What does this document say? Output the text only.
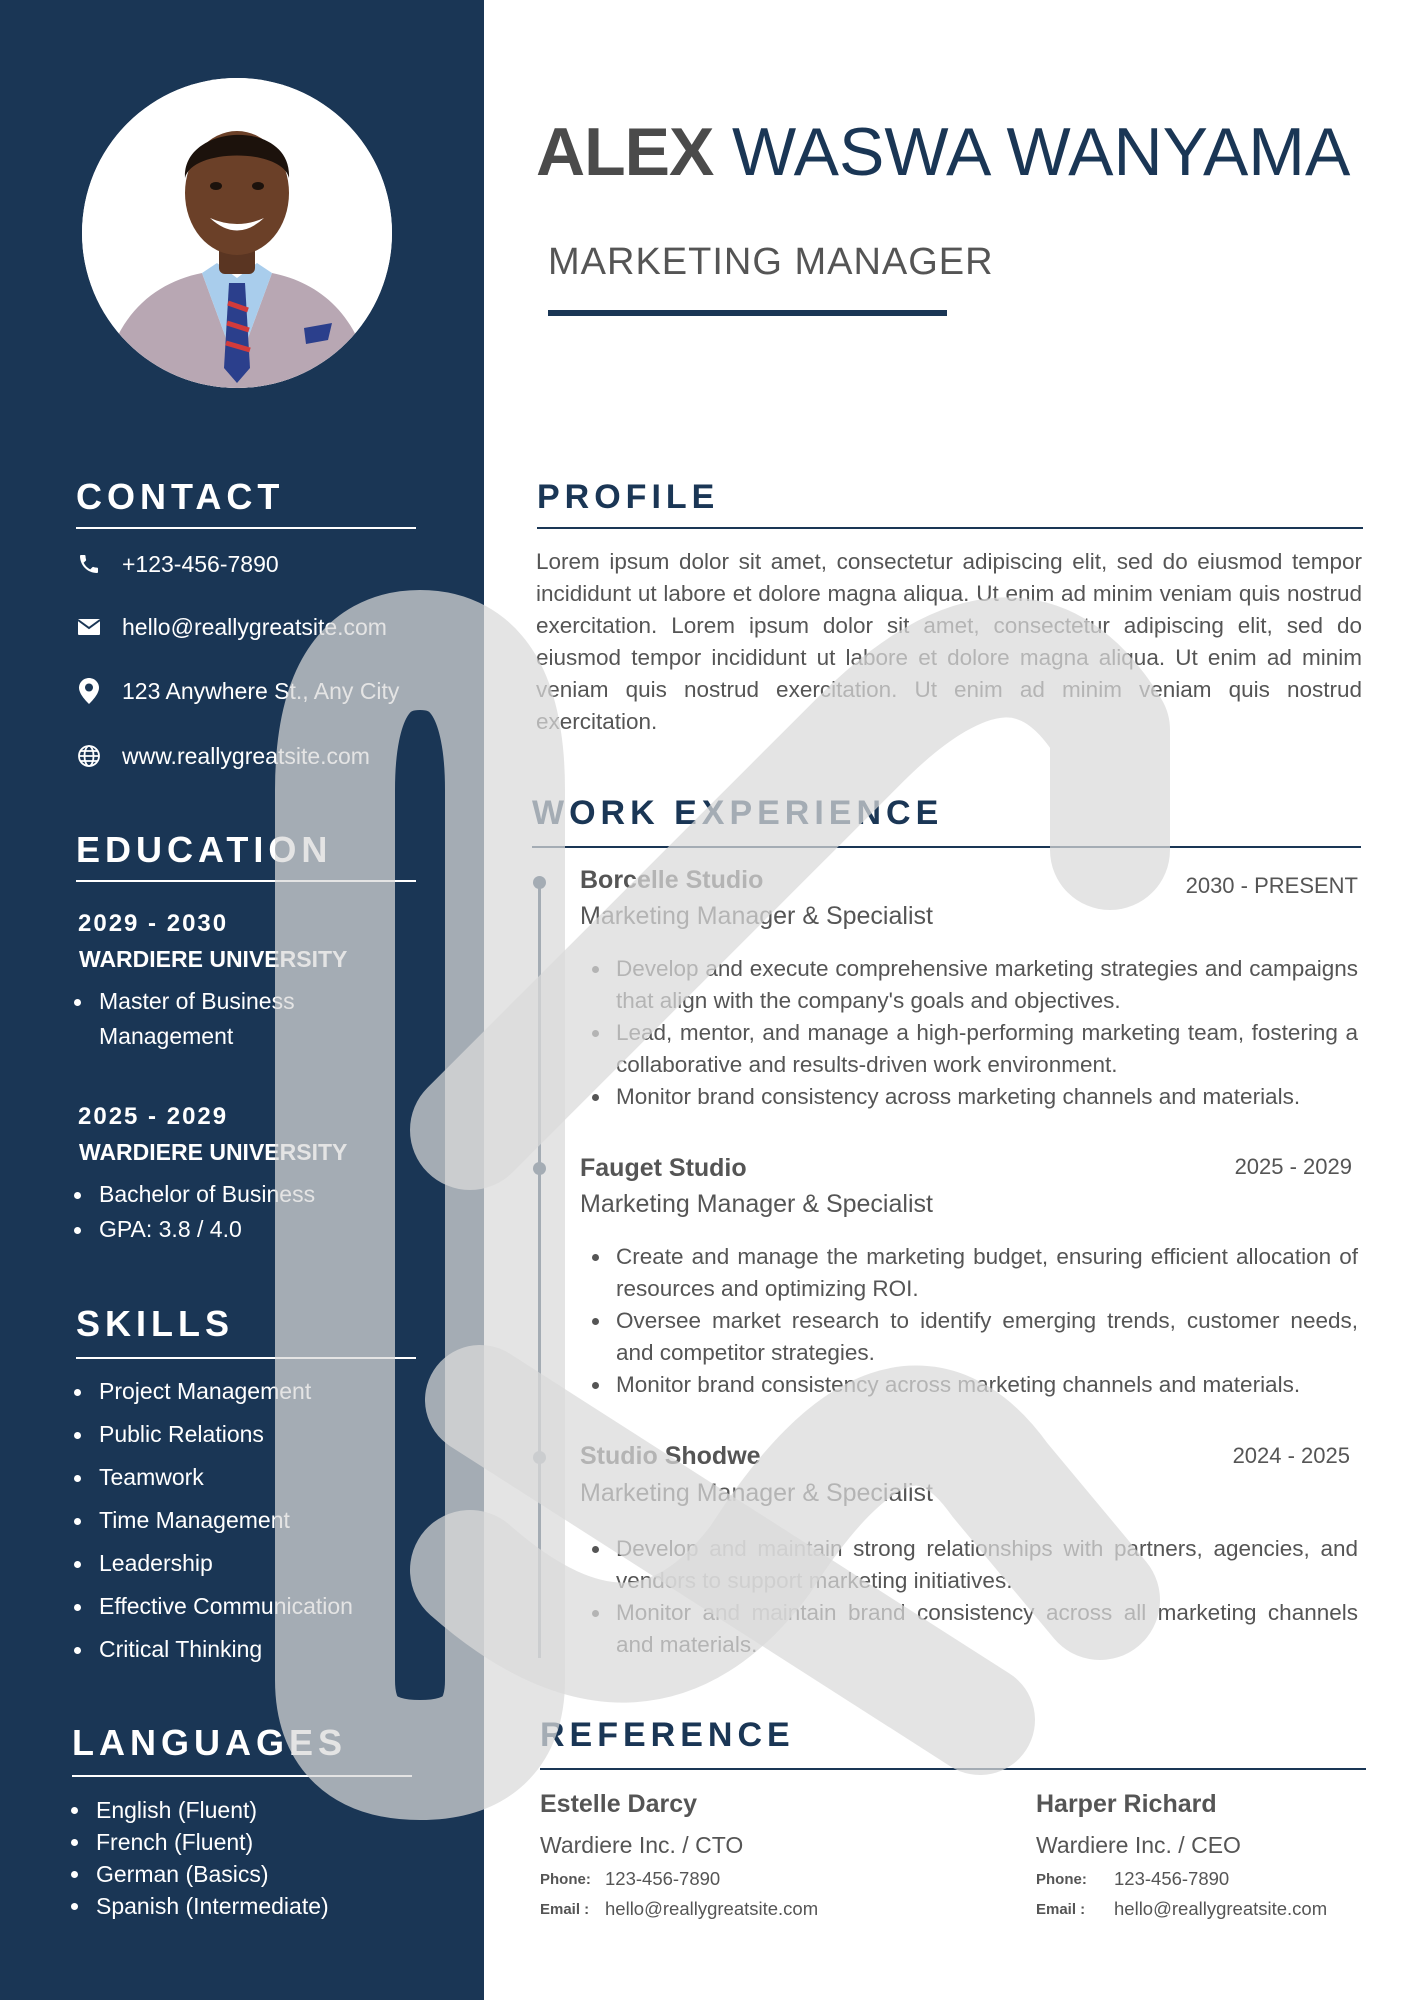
CONTACT
+123-456-7890
hello@reallygreatsite.com
123 Anywhere St., Any City
www.reallygreatsite.com
EDUCATION
2029 - 2030
WARDIERE UNIVERSITY
Master of Business Management
2025 - 2029
WARDIERE UNIVERSITY
Bachelor of Business
GPA: 3.8 / 4.0
SKILLS
Project Management
Public Relations
Teamwork
Time Management
Leadership
Effective Communication
Critical Thinking
LANGUAGES
English (Fluent)
French (Fluent)
German (Basics)
Spanish (Intermediate)
ALEX WASWA WANYAMA
MARKETING MANAGER
PROFILE
Lorem ipsum dolor sit amet, consectetur adipiscing elit, sed do eiusmod tempor incididunt ut labore et dolore magna aliqua. Ut enim ad minim veniam quis nostrud exercitation. Lorem ipsum dolor sit amet, consectetur adipiscing elit, sed do eiusmod tempor incididunt ut labore et dolore magna aliqua. Ut enim ad minim veniam quis nostrud exercitation. Ut enim ad minim veniam quis nostrud exercitation.
WORK EXPERIENCE
Borcelle Studio
Marketing Manager & Specialist
2030 - PRESENT
Develop and execute comprehensive marketing strategies and campaigns that align with the company's goals and objectives.
Lead, mentor, and manage a high-performing marketing team, fostering a collaborative and results-driven work environment.
Monitor brand consistency across marketing channels and materials.
Fauget Studio
Marketing Manager & Specialist
2025 - 2029
Create and manage the marketing budget, ensuring efficient allocation of resources and optimizing ROI.
Oversee market research to identify emerging trends, customer needs, and competitor strategies.
Monitor brand consistency across marketing channels and materials.
Studio Shodwe
Marketing Manager & Specialist
2024 - 2025
Develop and maintain strong relationships with partners, agencies, and vendors to support marketing initiatives.
Monitor and maintain brand consistency across all marketing channels and materials.
REFERENCE
Estelle Darcy
Wardiere Inc. / CTO
Phone: 123-456-7890
Email : hello@reallygreatsite.com
Harper Richard
Wardiere Inc. / CEO
Phone: 123-456-7890
Email : hello@reallygreatsite.com
